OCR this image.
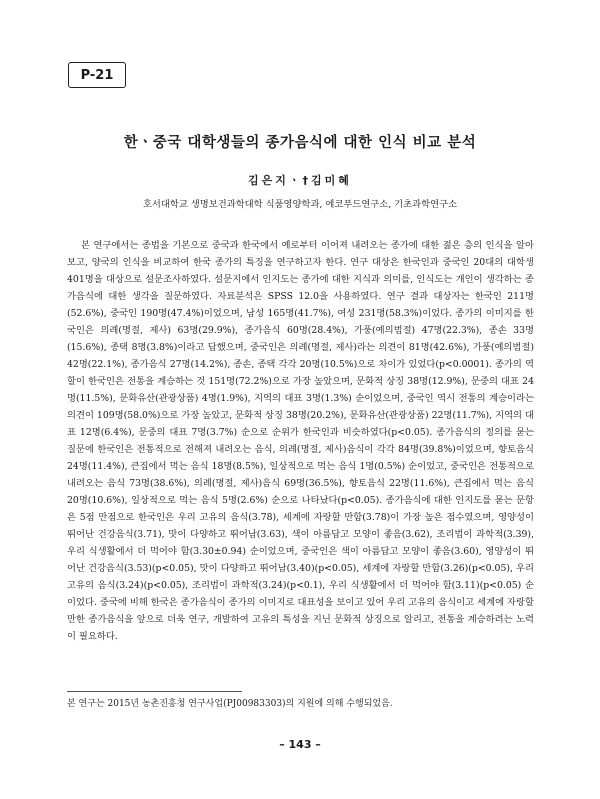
P-21
한ㆍ중국 대학생들의 종가음식에 대한 인식 비교 분석
김은지ㆍ†김미혜
호서대학교 생명보건과학대학 식품영양학과, 에코푸드연구소, 기초과학연구소
본 연구에서는 종법을 기본으로 중국과 한국에서 예로부터 이어져 내려오는 종가에 대한 젊은 층의 인식을 알아보고, 양국의 인식을 비교하여 한국 종가의 특징을 연구하고자 한다. 연구 대상은 한국인과 중국인 20대의 대학생 401명을 대상으로 설문조사하였다. 설문지에서 인지도는 종가에 대한 지식과 의미를, 인식도는 개인이 생각하는 종가음식에 대한 생각을 질문하였다. 자료분석은 SPSS 12.0을 사용하였다. 연구 결과 대상자는 한국인 211명(52.6%), 중국인 190명(47.4%)이었으며, 남성 165명(41.7%), 여성 231명(58.3%)이었다. 종가의 이미지를 한국인은 의례(명절, 제사) 63명(29.9%), 종가음식 60명(28.4%), 가풍(예의범절) 47명(22.3%), 종손 33명(15.6%), 종택 8명(3.8%)이라고 답했으며, 중국인은 의례(명절, 제사)라는 의견이 81명(42.6%), 가풍(예의범절) 42명(22.1%), 종가음식 27명(14.2%), 종손, 종택 각각 20명(10.5%)으로 차이가 있었다(p<0.0001). 종가의 역할이 한국인은 전통을 계승하는 것 151명(72.2%)으로 가장 높았으며, 문화적 상징 38명(12.9%), 문중의 대표 24명(11.5%), 문화유산(관광상품) 4명(1.9%), 지역의 대표 3명(1.3%) 순이었으며, 중국인 역시 전통의 계승이라는 의견이 109명(58.0%)으로 가장 높았고, 문화적 상징 38명(20.2%), 문화유산(관광상품) 22명(11.7%), 지역의 대표 12명(6.4%), 문중의 대표 7명(3.7%) 순으로 순위가 한국인과 비슷하였다(p<0.05). 종가음식의 정의를 묻는 질문에 한국인은 전통적으로 전해져 내려오는 음식, 의례(명절, 제사)음식이 각각 84명(39.8%)이었으며, 향토음식 24명(11.4%), 큰집에서 먹는 음식 18명(8.5%), 일상적으로 먹는 음식 1명(0.5%) 순이었고, 중국인은 전통적으로 내려오는 음식 73명(38.6%), 의례(명절, 제사)음식 69명(36.5%), 향토음식 22명(11.6%), 큰집에서 먹는 음식 20명(10.6%), 일상적으로 먹는 음식 5명(2.6%) 순으로 나타났다(p<0.05). 종가음식에 대한 인지도를 묻는 문항은 5점 만점으로 한국인은 우리 고유의 음식(3.78), 세계에 자랑할 만함(3.78)이 가장 높은 점수였으며, 영양성이 뛰어난 건강음식(3.71), 맛이 다양하고 뛰어남(3.63), 색이 아름답고 모양이 좋음(3.62), 조리법이 과학적(3.39), 우리 식생활에서 더 먹어야 함(3.30±0.94) 순이었으며, 중국인은 색이 아름답고 모양이 좋음(3.60), 영양성이 뛰어난 건강음식(3.53)(p<0.05), 맛이 다양하고 뛰어남(3.40)(p<0.05), 세계에 자랑할 만함(3.26)(p<0.05), 우리 고유의 음식(3.24)(p<0.05), 조리법이 과학적(3.24)(p<0.1), 우리 식생활에서 더 먹어야 함(3.11)(p<0.05) 순이었다. 중국에 비해 한국은 종가음식이 종가의 이미지로 대표성을 보이고 있어 우리 고유의 음식이고 세계에 자랑할 만한 종가음식을 앞으로 더욱 연구, 개발하여 고유의 특성을 지닌 문화적 상징으로 알리고, 전통을 계승하려는 노력이 필요하다.
본 연구는 2015년 농촌진흥청 연구사업(PJ00983303)의 지원에 의해 수행되었음.
– 143 –
